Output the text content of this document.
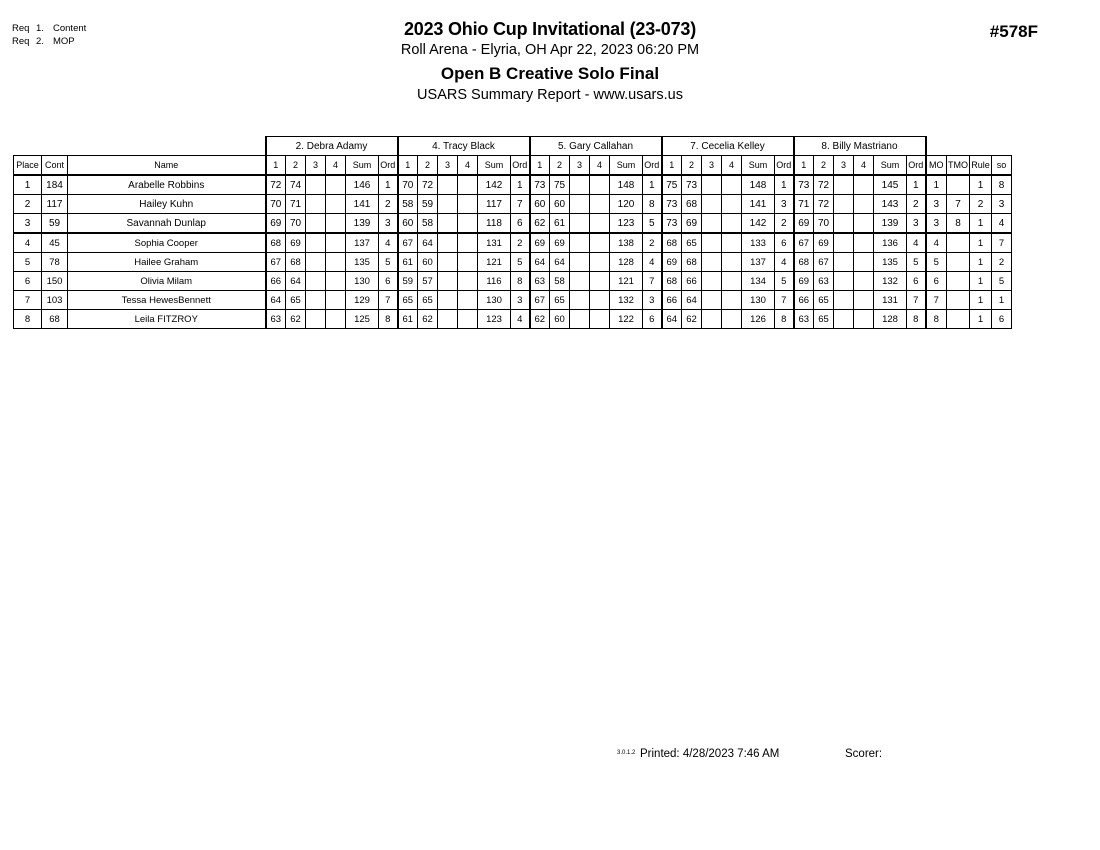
Req 1. Content
Req 2. MOP
2023 Ohio Cup Invitational (23-073)
Roll Arena - Elyria, OH Apr 22, 2023 06:20 PM
Open B Creative Solo Final
USARS Summary Report - www.usars.us
#578F
			2. Debra Adamy						4. Tracy Black						5. Gary Callahan						7. Cecelia Kelley						8. Billy Mastriano									
Place	Cont	Name	1	2	3	4	Sum	Ord	1	2	3	4	Sum	Ord	1	2	3	4	Sum	Ord	1	2	3	4	Sum	Ord	1	2	3	4	Sum	Ord	MO	TMO	Rule	so
1	184	Arabelle Robbins	72	74			146	1	70	72			142	1	73	75			148	1	75	73			148	1	73	72			145	1	1		1	8
2	117	Hailey Kuhn	70	71			141	2	58	59			117	7	60	60			120	8	73	68			141	3	71	72			143	2	3	7	2	3
3	59	Savannah Dunlap	69	70			139	3	60	58			118	6	62	61			123	5	73	69			142	2	69	70			139	3	3	8	1	4
4	45	Sophia Cooper	68	69			137	4	67	64			131	2	69	69			138	2	68	65			133	6	67	69			136	4	4		1	7
5	78	Hailee Graham	67	68			135	5	61	60			121	5	64	64			128	4	69	68			137	4	68	67			135	5	5		1	2
6	150	Olivia Milam	66	64			130	6	59	57			116	8	63	58			121	7	68	66			134	5	69	63			132	6	6		1	5
7	103	Tessa HewesBennett	64	65			129	7	65	65			130	3	67	65			132	3	66	64			130	7	66	65			131	7	7		1	1
8	68	Leila FITZROY	63	62			125	8	61	62			123	4	62	60			122	6	64	62			126	8	63	65			128	8	8		1	6
3.0.1.2 Printed: 4/28/2023 7:46 AM	Scorer:
